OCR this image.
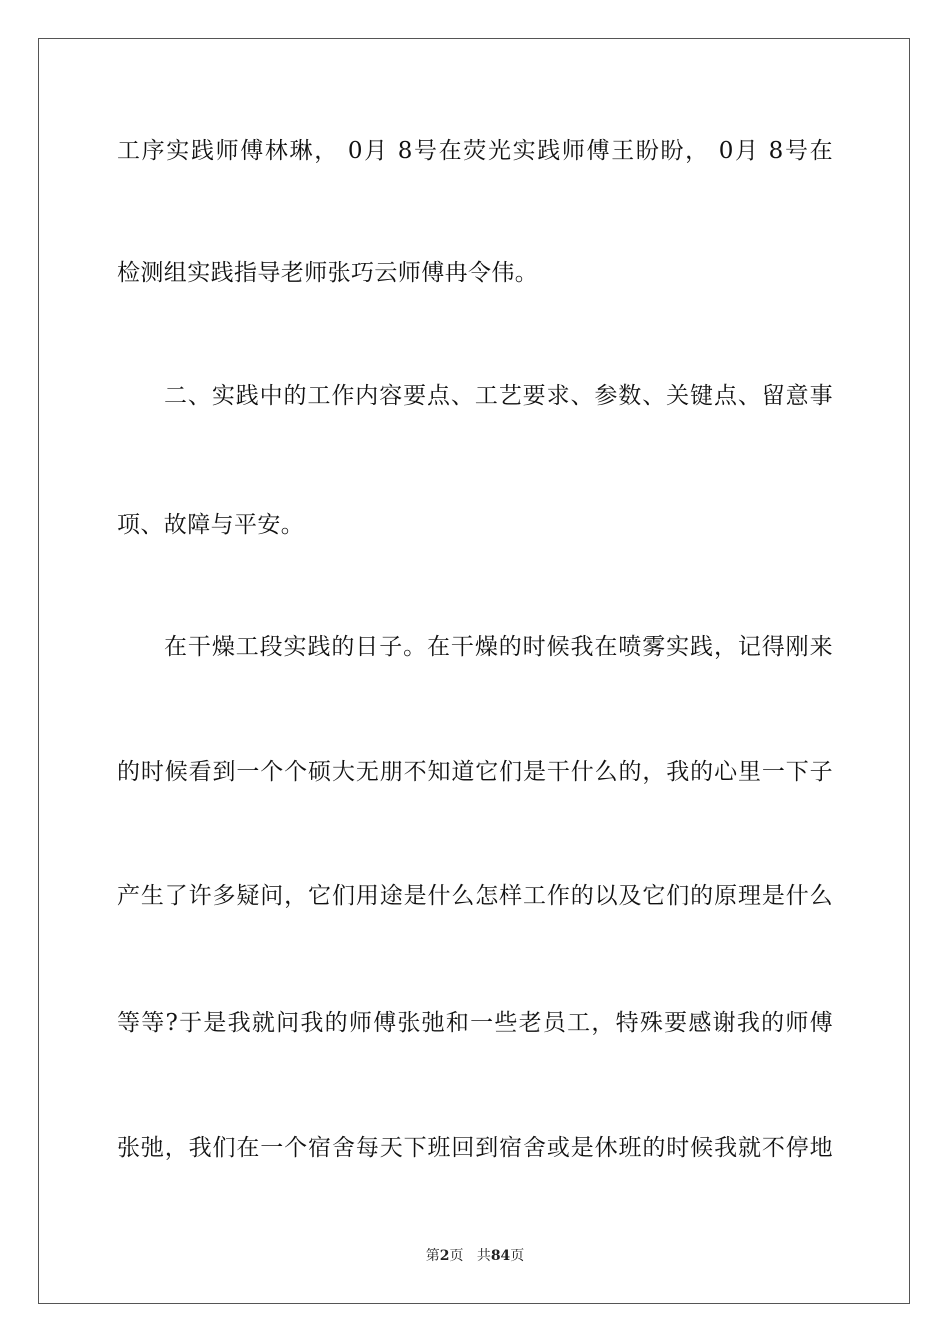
工序实践师傅林琳， 0月 8号在荧光实践师傅王盼盼， 0月 8号在
检测组实践指导老师张巧云师傅冉令伟。
二、实践中的工作内容要点、工艺要求、参数、关键点、留意事
项、故障与平安。
在干燥工段实践的日子。在干燥的时候我在喷雾实践，记得刚来
的时候看到一个个硕大无朋不知道它们是干什么的，我的心里一下子
产生了许多疑问，它们用途是什么怎样工作的以及它们的原理是什么
等等?于是我就问我的师傅张弛和一些老员工，特殊要感谢我的师傅
张弛，我们在一个宿舍每天下班回到宿舍或是休班的时候我就不停地
第2页 共84页
